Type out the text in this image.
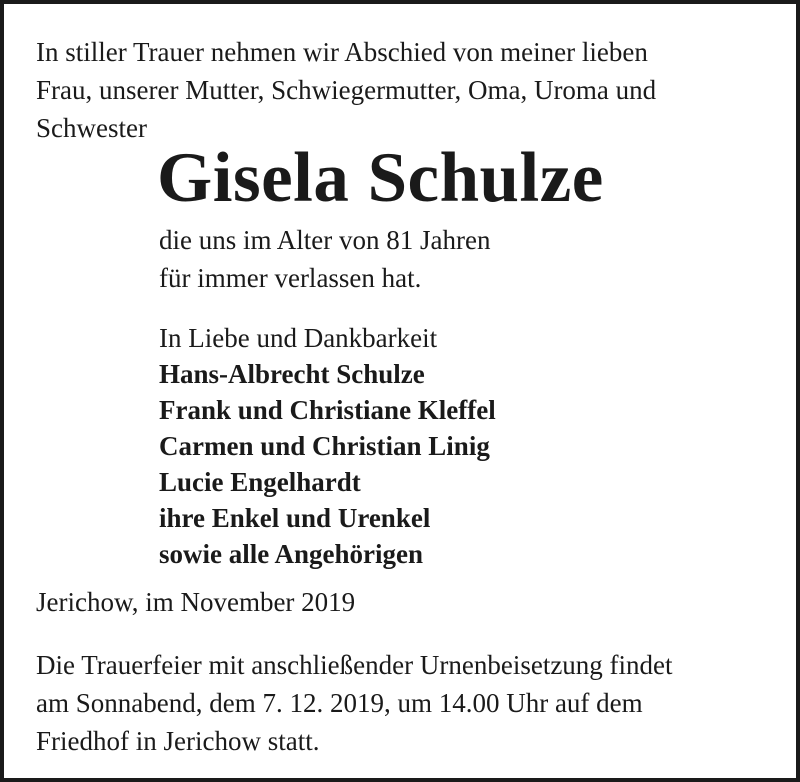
In stiller Trauer nehmen wir Abschied von meiner lieben
Frau, unserer Mutter, Schwiegermutter, Oma, Uroma und
Schwester
Gisela Schulze
die uns im Alter von 81 Jahren
für immer verlassen hat.
In Liebe und Dankbarkeit
Hans-Albrecht Schulze
Frank und Christiane Kleffel
Carmen und Christian Linig
Lucie Engelhardt
ihre Enkel und Urenkel
sowie alle Angehörigen
Jerichow, im November 2019
Die Trauerfeier mit anschließender Urnenbeisetzung findet
am Sonnabend, dem 7. 12. 2019, um 14.00 Uhr auf dem
Friedhof in Jerichow statt.
